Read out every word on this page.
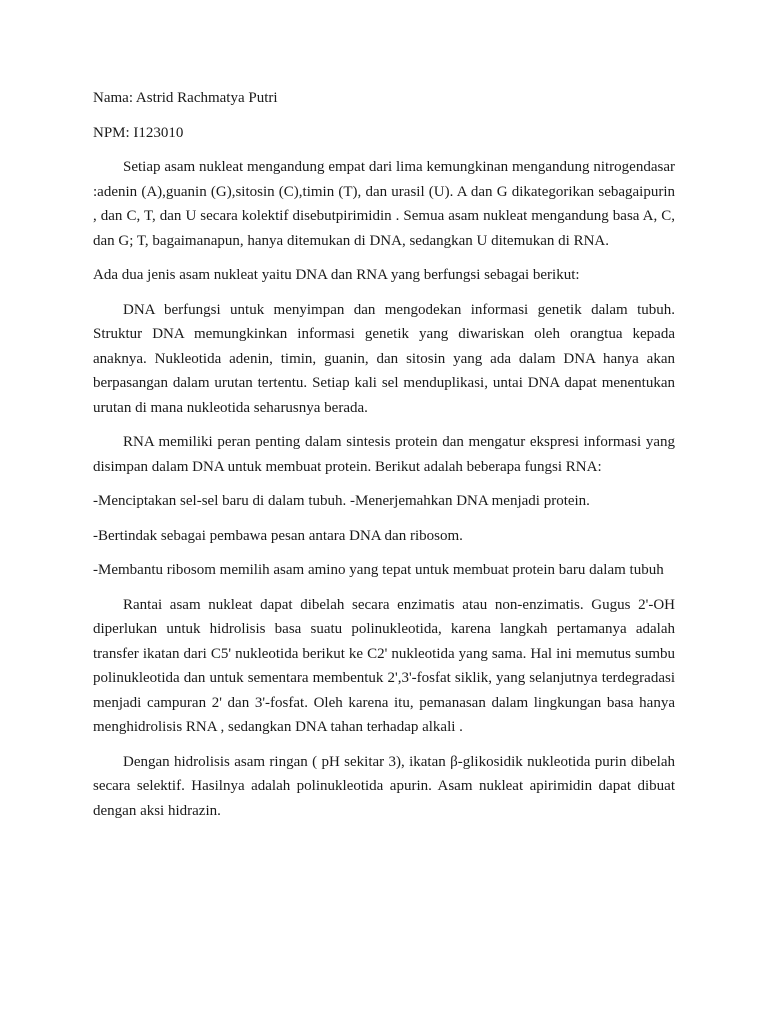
Nama: Astrid Rachmatya Putri

NPM: I123010

Setiap asam nukleat mengandung empat dari lima kemungkinan mengandung nitrogendasar :adenin (A),guanin (G),sitosin (C),timin (T), dan urasil (U). A dan G dikategorikan sebagaipurin , dan C, T, dan U secara kolektif disebutpirimidin . Semua asam nukleat mengandung basa A, C, dan G; T, bagaimanapun, hanya ditemukan di DNA, sedangkan U ditemukan di RNA.

Ada dua jenis asam nukleat yaitu DNA dan RNA yang berfungsi sebagai berikut:

DNA berfungsi untuk menyimpan dan mengodekan informasi genetik dalam tubuh. Struktur DNA memungkinkan informasi genetik yang diwariskan oleh orangtua kepada anaknya. Nukleotida adenin, timin, guanin, dan sitosin yang ada dalam DNA hanya akan berpasangan dalam urutan tertentu. Setiap kali sel menduplikasi, untai DNA dapat menentukan urutan di mana nukleotida seharusnya berada.

RNA memiliki peran penting dalam sintesis protein dan mengatur ekspresi informasi yang disimpan dalam DNA untuk membuat protein. Berikut adalah beberapa fungsi RNA:

-Menciptakan sel-sel baru di dalam tubuh. -Menerjemahkan DNA menjadi protein.

-Bertindak sebagai pembawa pesan antara DNA dan ribosom.

-Membantu ribosom memilih asam amino yang tepat untuk membuat protein baru dalam tubuh

Rantai asam nukleat dapat dibelah secara enzimatis atau non-enzimatis. Gugus 2'-OH diperlukan untuk hidrolisis basa suatu polinukleotida, karena langkah pertamanya adalah transfer ikatan dari C5' nukleotida berikut ke C2' nukleotida yang sama. Hal ini memutus sumbu polinukleotida dan untuk sementara membentuk 2',3'-fosfat siklik, yang selanjutnya terdegradasi menjadi campuran 2' dan 3'-fosfat. Oleh karena itu, pemanasan dalam lingkungan basa hanya menghidrolisis RNA , sedangkan DNA tahan terhadap alkali .

Dengan hidrolisis asam ringan ( pH sekitar 3), ikatan β-glikosidik nukleotida purin dibelah secara selektif. Hasilnya adalah polinukleotida apurin. Asam nukleat apirimidin dapat dibuat dengan aksi hidrazin.
